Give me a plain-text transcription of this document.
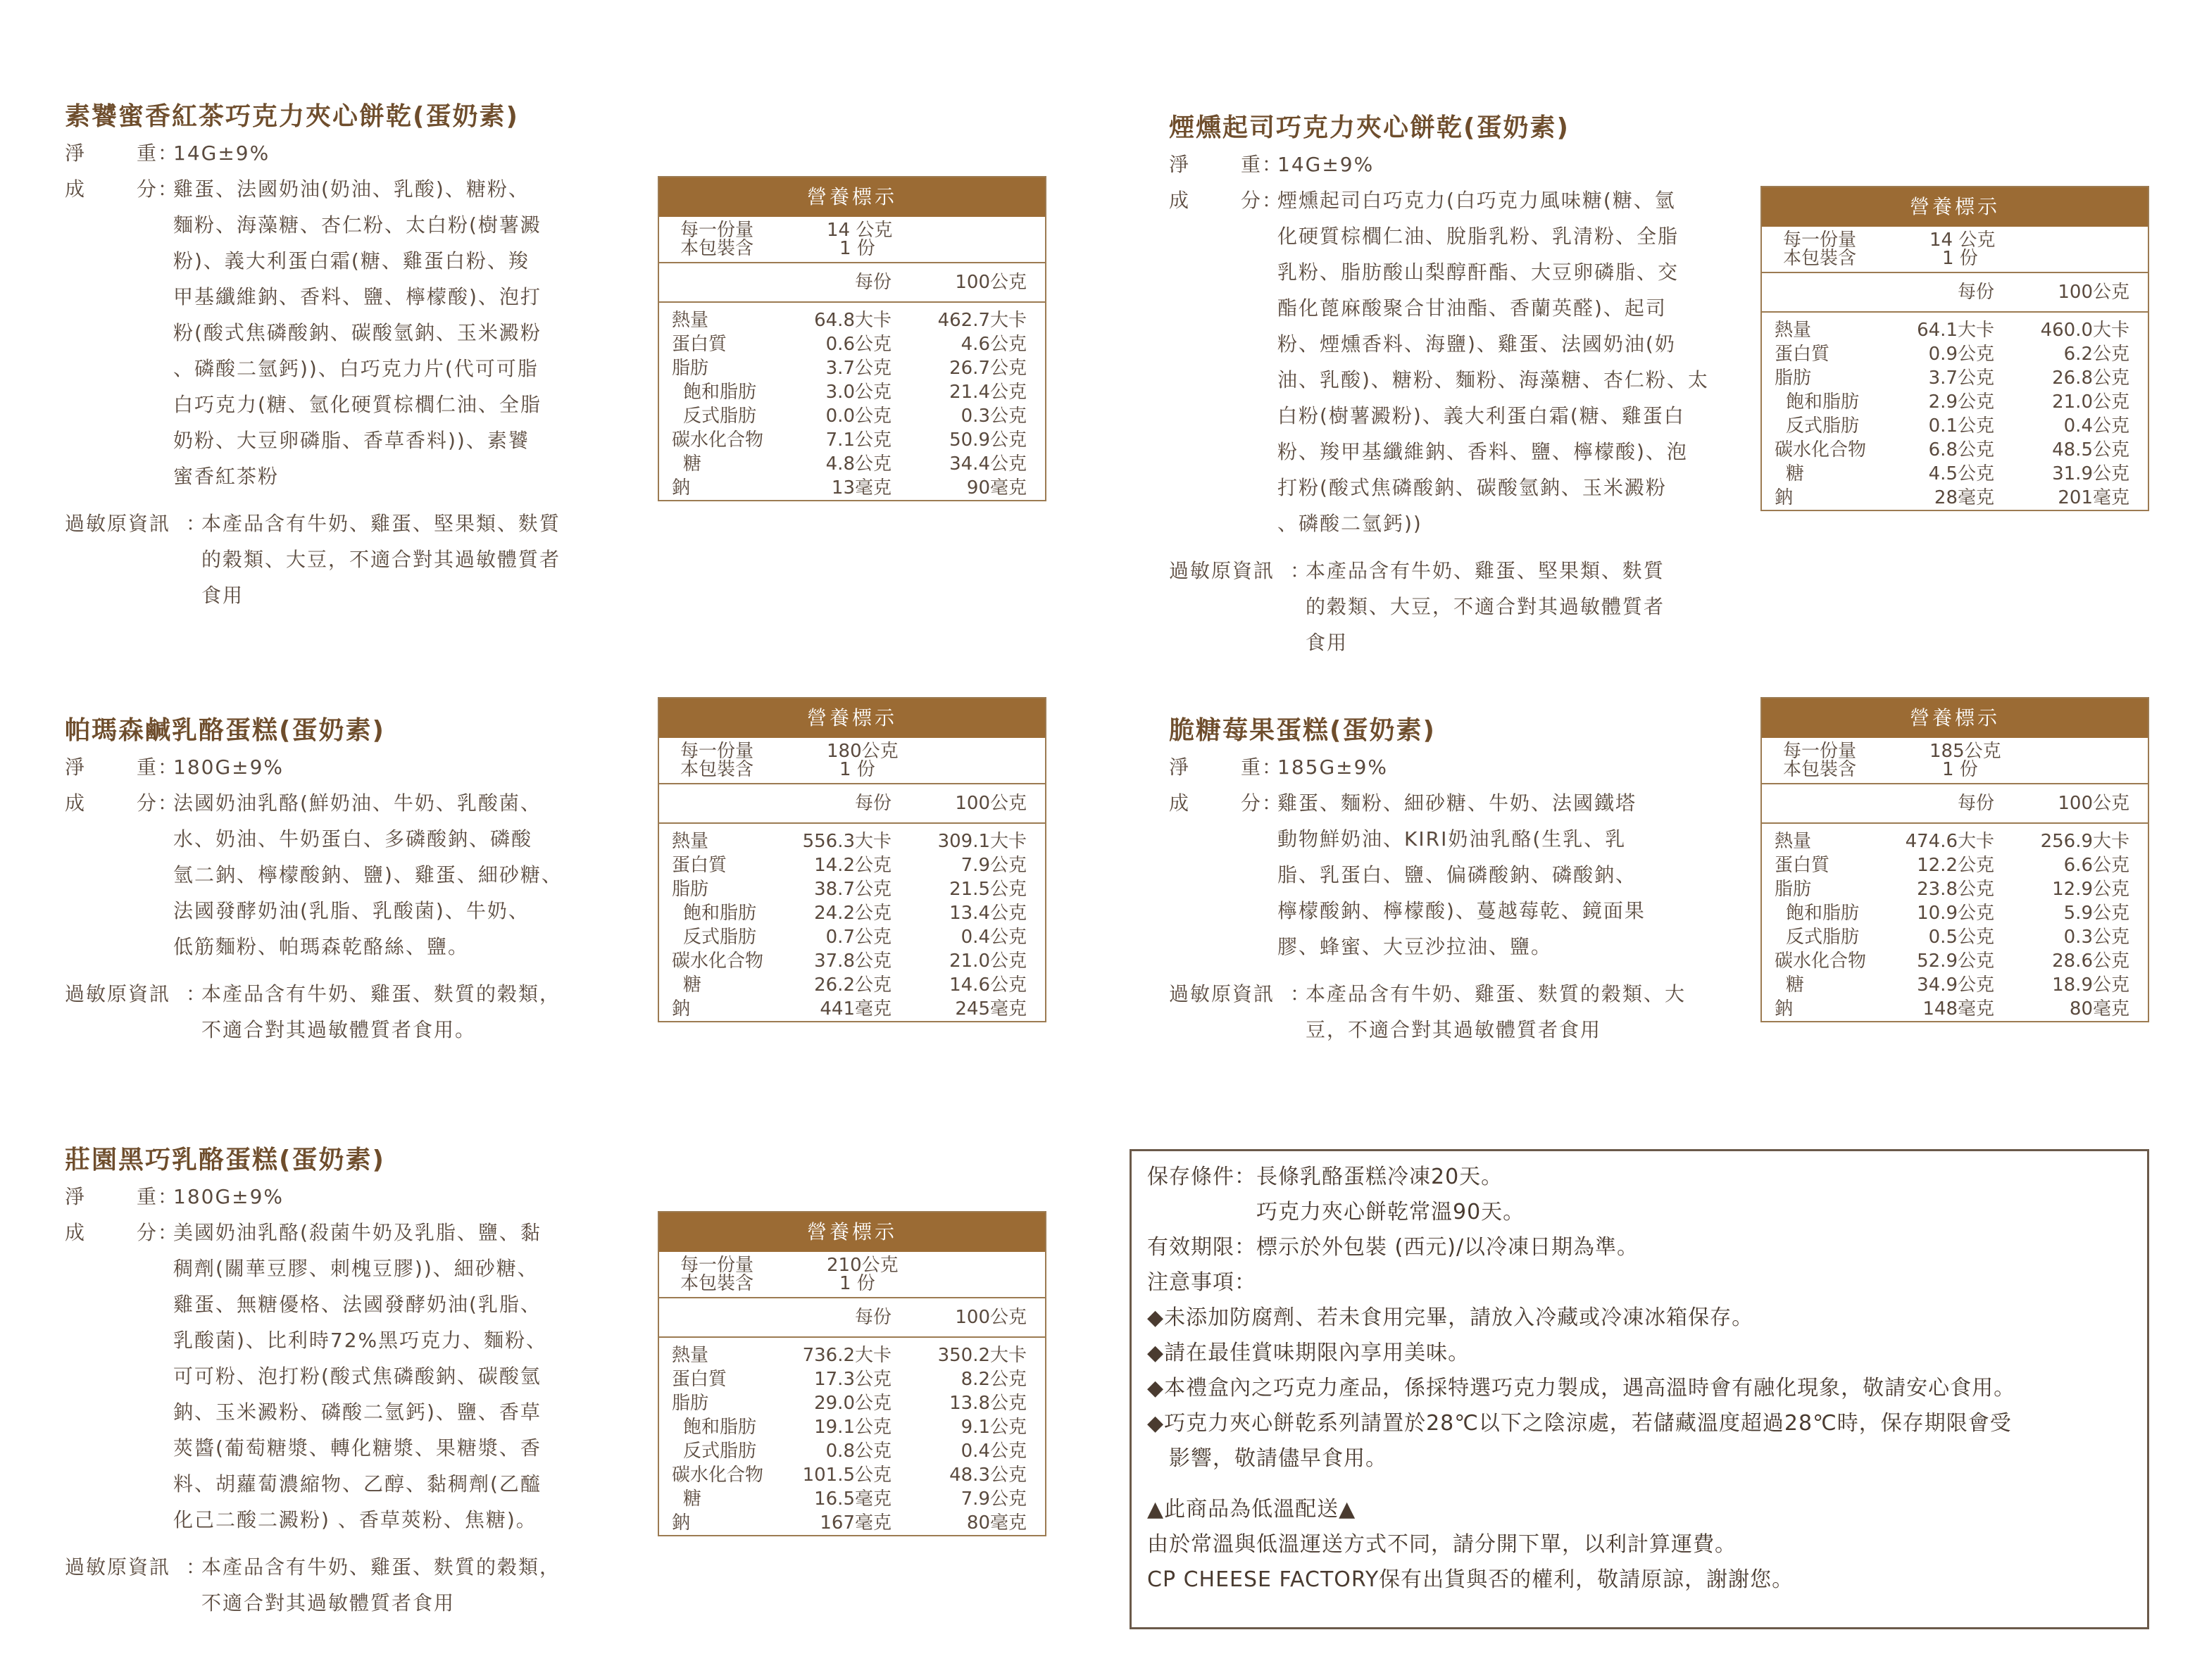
素饕蜜香紅茶巧克力夾心餅乾(蛋奶素)
淨	重 ：
14G±9%
成	分 ：
雞蛋、法國奶油(奶油、乳酸)、糖粉、
麵粉、海藻糖、杏仁粉、太白粉(樹薯澱
粉)、義大利蛋白霜(糖、雞蛋白粉、羧
甲基纖維鈉、香料、鹽、檸檬酸)、泡打
粉(酸式焦磷酸鈉、碳酸氫鈉、玉米澱粉
、磷酸二氫鈣))、白巧克力片(代可可脂
白巧克力(糖、氫化硬質棕櫚仁油、全脂
奶粉、大豆卵磷脂、香草香料))、素饕
蜜香紅茶粉
過敏原資訊 ：
本產品含有牛奶、雞蛋、堅果類、麩質
的穀類、大豆，不適合對其過敏體質者
食用
煙燻起司巧克力夾心餅乾(蛋奶素)
淨	重 ：
14G±9%
成	分 ：
煙燻起司白巧克力(白巧克力風味糖(糖、氫
化硬質棕櫚仁油、脫脂乳粉、乳清粉、全脂
乳粉、脂肪酸山梨醇酐酯、大豆卵磷脂、交
酯化蓖麻酸聚合甘油酯、香蘭英醛)、起司
粉、煙燻香料、海鹽)、雞蛋、法國奶油(奶
油、乳酸)、糖粉、麵粉、海藻糖、杏仁粉、太
白粉(樹薯澱粉)、義大利蛋白霜(糖、雞蛋白
粉、羧甲基纖維鈉、香料、鹽、檸檬酸)、泡
打粉(酸式焦磷酸鈉、碳酸氫鈉、玉米澱粉
、磷酸二氫鈣))
過敏原資訊 ：
本產品含有牛奶、雞蛋、堅果類、麩質
的穀類、大豆，不適合對其過敏體質者
食用
帕瑪森鹹乳酪蛋糕(蛋奶素)
淨	重 ：
180G±9%
成	分 ：
法國奶油乳酪(鮮奶油、牛奶、乳酸菌、
水、奶油、牛奶蛋白、多磷酸鈉、磷酸
氫二鈉、檸檬酸鈉、鹽)、雞蛋、細砂糖、
法國發酵奶油(乳脂、乳酸菌)、牛奶、
低筋麵粉、帕瑪森乾酪絲、鹽。
過敏原資訊 ：
本產品含有牛奶、雞蛋、麩質的穀類，
不適合對其過敏體質者食用。
脆糖莓果蛋糕(蛋奶素)
淨	重 ：
185G±9%
成	分 ：
雞蛋、麵粉、細砂糖、牛奶、法國鐵塔
動物鮮奶油、KIRI奶油乳酪(生乳、乳
脂、乳蛋白、鹽、偏磷酸鈉、磷酸鈉、
檸檬酸鈉、檸檬酸)、蔓越莓乾、鏡面果
膠、蜂蜜、大豆沙拉油、鹽。
過敏原資訊 ：
本產品含有牛奶、雞蛋、麩質的穀類、大
豆，不適合對其過敏體質者食用
莊園黑巧乳酪蛋糕(蛋奶素)
淨	重 ：
180G±9%
成	分 ：
美國奶油乳酪(殺菌牛奶及乳脂、鹽、黏
稠劑(關華豆膠、刺槐豆膠))、細砂糖、
雞蛋、無糖優格、法國發酵奶油(乳脂、
乳酸菌)、比利時72%黑巧克力、麵粉、
可可粉、泡打粉(酸式焦磷酸鈉、碳酸氫
鈉、玉米澱粉、磷酸二氫鈣)、鹽、香草
莢醬(葡萄糖漿、轉化糖漿、果糖漿、香
料、胡蘿蔔濃縮物、乙醇、黏稠劑(乙醯
化己二酸二澱粉) 、香草莢粉、焦糖)。
過敏原資訊 ：
本產品含有牛奶、雞蛋、麩質的穀類，
不適合對其過敏體質者食用
營養標示
每一份量
本包裝含
14 公克
1 份
每份	100公克
熱量	64.8大卡	462.7大卡
蛋白質	0.6公克	4.6公克
脂肪	3.7公克	26.7公克
飽和脂肪	3.0公克	21.4公克
反式脂肪	0.0公克	0.3公克
碳水化合物	7.1公克	50.9公克
糖	4.8公克	34.4公克
鈉	13毫克	90毫克
營養標示
每一份量
本包裝含
14 公克
1 份
每份	100公克
熱量	64.1大卡	460.0大卡
蛋白質	0.9公克	6.2公克
脂肪	3.7公克	26.8公克
飽和脂肪	2.9公克	21.0公克
反式脂肪	0.1公克	0.4公克
碳水化合物	6.8公克	48.5公克
糖	4.5公克	31.9公克
鈉	28毫克	201毫克
營養標示
每一份量
本包裝含
180公克
1 份
每份	100公克
熱量	556.3大卡	309.1大卡
蛋白質	14.2公克	7.9公克
脂肪	38.7公克	21.5公克
飽和脂肪	24.2公克	13.4公克
反式脂肪	0.7公克	0.4公克
碳水化合物	37.8公克	21.0公克
糖	26.2公克	14.6公克
鈉	441毫克	245毫克
營養標示
每一份量
本包裝含
185公克
1 份
每份	100公克
熱量	474.6大卡	256.9大卡
蛋白質	12.2公克	6.6公克
脂肪	23.8公克	12.9公克
飽和脂肪	10.9公克	5.9公克
反式脂肪	0.5公克	0.3公克
碳水化合物	52.9公克	28.6公克
糖	34.9公克	18.9公克
鈉	148毫克	80毫克
營養標示
每一份量
本包裝含
210公克
1 份
每份	100公克
熱量	736.2大卡	350.2大卡
蛋白質	17.3公克	8.2公克
脂肪	29.0公克	13.8公克
飽和脂肪	19.1公克	9.1公克
反式脂肪	0.8公克	0.4公克
碳水化合物 101.5公克	48.3公克
糖	16.5毫克	7.9公克
鈉	167毫克	80毫克
保存條件：長條乳酪蛋糕冷凍20天。
　　　　　巧克力夾心餅乾常溫90天。
有效期限：標示於外包裝 (西元)/以冷凍日期為準。
注意事項：
◆未添加防腐劑、若未食用完畢，請放入冷藏或冷凍冰箱保存。
◆請在最佳賞味期限內享用美味。
◆本禮盒內之巧克力產品，係採特選巧克力製成，遇高溫時會有融化現象，敬請安心食用。
◆巧克力夾心餅乾系列請置於28℃以下之陰涼處，若儲藏溫度超過28℃時，保存期限會受
　影響，敬請儘早食用。
▲此商品為低溫配送▲
由於常溫與低溫運送方式不同，請分開下單，以利計算運費。
CP CHEESE FACTORY保有出貨與否的權利，敬請原諒，謝謝您。
